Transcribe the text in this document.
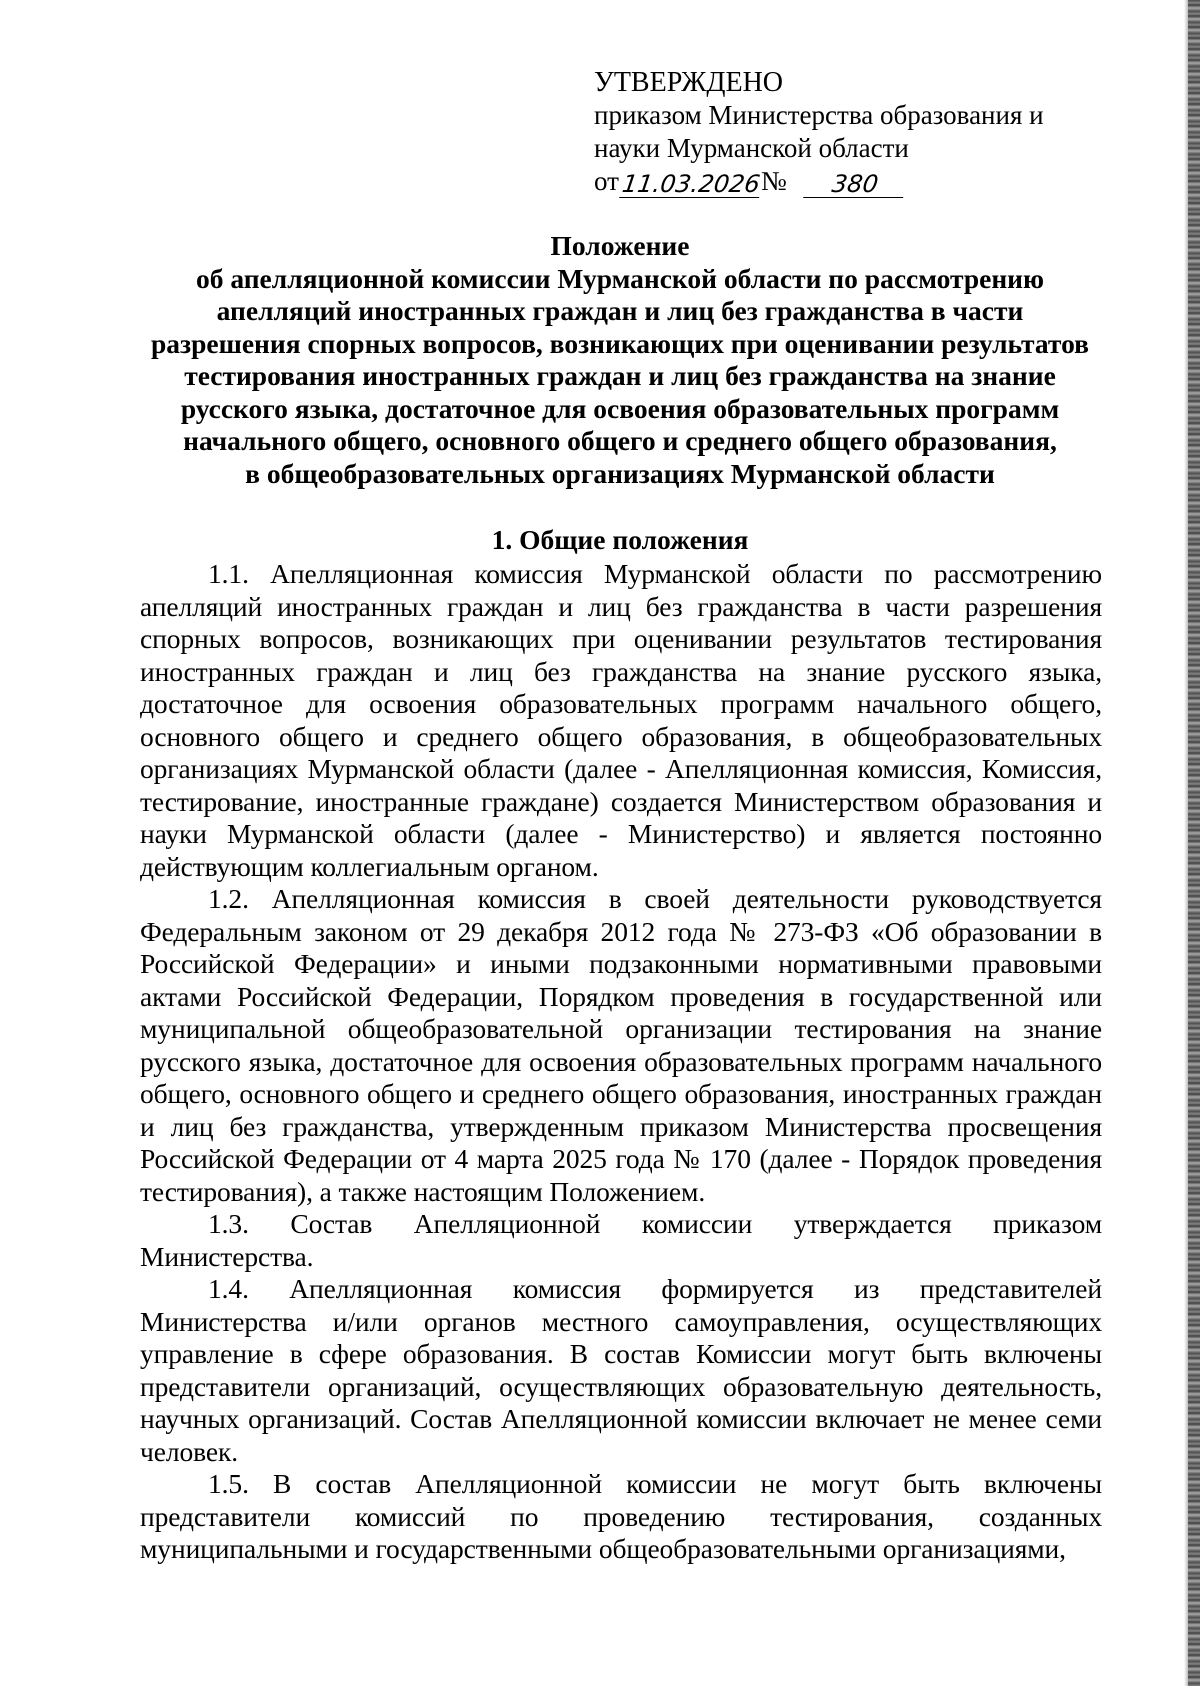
УТВЕРЖДЕНО
приказом Министерства образования и
науки Мурманской области
от 11.03.2026 №	380
Положение
об апелляционной комиссии Мурманской области по рассмотрению
апелляций иностранных граждан и лиц без гражданства в части
разрешения спорных вопросов, возникающих при оценивании результатов
тестирования иностранных граждан и лиц без гражданства на знание
русского языка, достаточное для освоения образовательных программ
начального общего, основного общего и среднего общего образования,
в общеобразовательных организациях Мурманской области
1. Общие положения

1.1. Апелляционная комиссия Мурманской области по рассмотрению апелляций иностранных граждан и лиц без гражданства в части разрешения спорных вопросов, возникающих при оценивании результатов тестирования иностранных граждан и лиц без гражданства на знание русского языка, достаточное для освоения образовательных программ начального общего, основного общего и среднего общего образования, в общеобразовательных организациях Мурманской области (далее - Апелляционная комиссия, Комиссия, тестирование, иностранные граждане) создается Министерством образования и науки Мурманской области (далее - Министерство) и является постоянно действующим коллегиальным органом.

1.2. Апелляционная комиссия в своей деятельности руководствуется Федеральным законом от 29 декабря 2012 года № 273-ФЗ «Об образовании в Российской Федерации» и иными подзаконными нормативными правовыми актами Российской Федерации, Порядком проведения в государственной или муниципальной общеобразовательной организации тестирования на знание русского языка, достаточное для освоения образовательных программ начального общего, основного общего и среднего общего образования, иностранных граждан и лиц без гражданства, утвержденным приказом Министерства просвещения Российской Федерации от 4 марта 2025 года № 170 (далее - Порядок проведения тестирования), а также настоящим Положением.

1.3. Состав Апелляционной комиссии утверждается приказом Министерства.

1.4. Апелляционная комиссия формируется из представителей Министерства и/или органов местного самоуправления, осуществляющих управление в сфере образования. В состав Комиссии могут быть включены представители организаций, осуществляющих образовательную деятельность, научных организаций. Состав Апелляционной комиссии включает не менее семи человек.

1.5. В состав Апелляционной комиссии не могут быть включены представители комиссий по проведению тестирования, созданных муниципальными и государственными общеобразовательными организациями,
